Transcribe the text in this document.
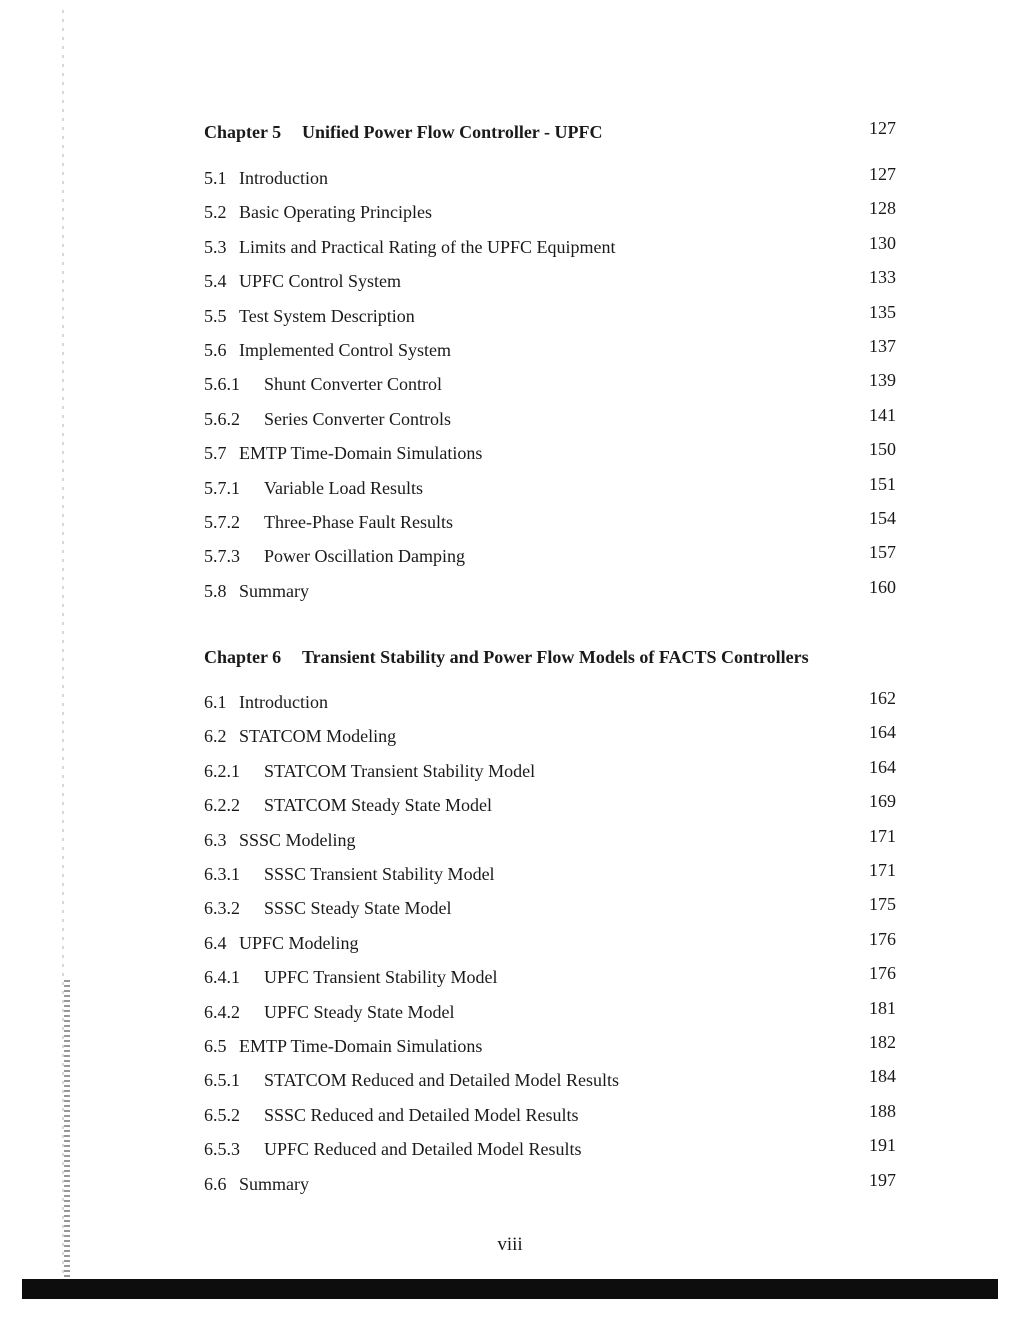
Chapter 5 Unified Power Flow Controller - UPFC	127
5.1 Introduction	127
5.2 Basic Operating Principles	128
5.3 Limits and Practical Rating of the UPFC Equipment	130
5.4 UPFC Control System	133
5.5 Test System Description	135
5.6 Implemented Control System	137
5.6.1 Shunt Converter Control	139
5.6.2 Series Converter Controls	141
5.7 EMTP Time-Domain Simulations	150
5.7.1 Variable Load Results	151
5.7.2 Three-Phase Fault Results	154
5.7.3 Power Oscillation Damping	157
5.8 Summary	160
Chapter 6 Transient Stability and Power Flow Models of FACTS Controllers
6.1 Introduction	162
6.2 STATCOM Modeling	164
6.2.1 STATCOM Transient Stability Model	164
6.2.2 STATCOM Steady State Model	169
6.3 SSSC Modeling	171
6.3.1 SSSC Transient Stability Model	171
6.3.2 SSSC Steady State Model	175
6.4 UPFC Modeling	176
6.4.1 UPFC Transient Stability Model	176
6.4.2 UPFC Steady State Model	181
6.5 EMTP Time-Domain Simulations	182
6.5.1 STATCOM Reduced and Detailed Model Results	184
6.5.2 SSSC Reduced and Detailed Model Results	188
6.5.3 UPFC Reduced and Detailed Model Results	191
6.6 Summary	197
viii
